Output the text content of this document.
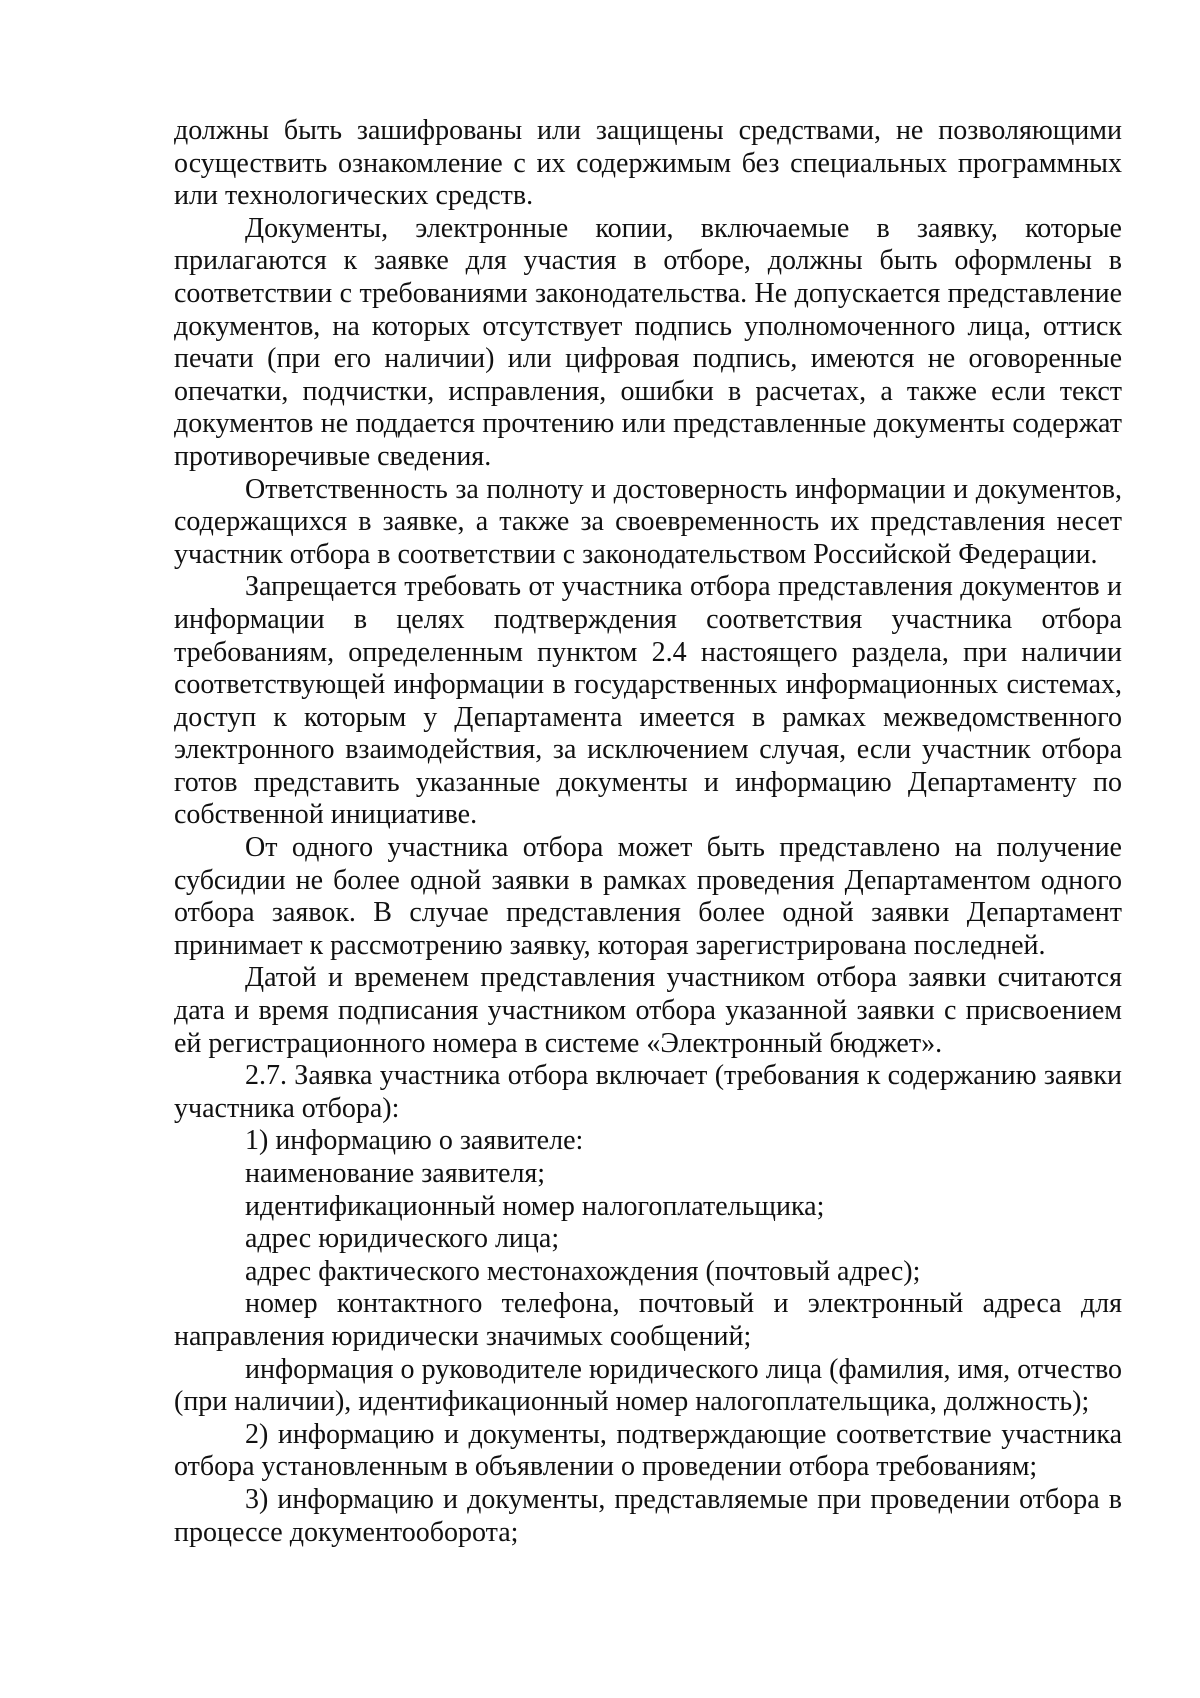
должны быть зашифрованы или защищены средствами, не позволяющими осуществить ознакомление с их содержимым без специальных программных или технологических средств.

Документы, электронные копии, включаемые в заявку, которые прилагаются к заявке для участия в отборе, должны быть оформлены в соответствии с требованиями законодательства. Не допускается представление документов, на которых отсутствует подпись уполномоченного лица, оттиск печати (при его наличии) или цифровая подпись, имеются не оговоренные опечатки, подчистки, исправления, ошибки в расчетах, а также если текст документов не поддается прочтению или представленные документы содержат противоречивые сведения.

Ответственность за полноту и достоверность информации и документов, содержащихся в заявке, а также за своевременность их представления несет участник отбора в соответствии с законодательством Российской Федерации.

Запрещается требовать от участника отбора представления документов и информации в целях подтверждения соответствия участника отбора требованиям, определенным пунктом 2.4 настоящего раздела, при наличии соответствующей информации в государственных информационных системах, доступ к которым у Департамента имеется в рамках межведомственного электронного взаимодействия, за исключением случая, если участник отбора готов представить указанные документы и информацию Департаменту по собственной инициативе.

От одного участника отбора может быть представлено на получение субсидии не более одной заявки в рамках проведения Департаментом одного отбора заявок. В случае представления более одной заявки Департамент принимает к рассмотрению заявку, которая зарегистрирована последней.

Датой и временем представления участником отбора заявки считаются дата и время подписания участником отбора указанной заявки с присвоением ей регистрационного номера в системе «Электронный бюджет».

2.7. Заявка участника отбора включает (требования к содержанию заявки участника отбора):

1) информацию о заявителе:

наименование заявителя;

идентификационный номер налогоплательщика;

адрес юридического лица;

адрес фактического местонахождения (почтовый адрес);

номер контактного телефона, почтовый и электронный адреса для направления юридически значимых сообщений;

информация о руководителе юридического лица (фамилия, имя, отчество (при наличии), идентификационный номер налогоплательщика, должность);

2) информацию и документы, подтверждающие соответствие участника отбора установленным в объявлении о проведении отбора требованиям;

3) информацию и документы, представляемые при проведении отбора в процессе документооборота;
